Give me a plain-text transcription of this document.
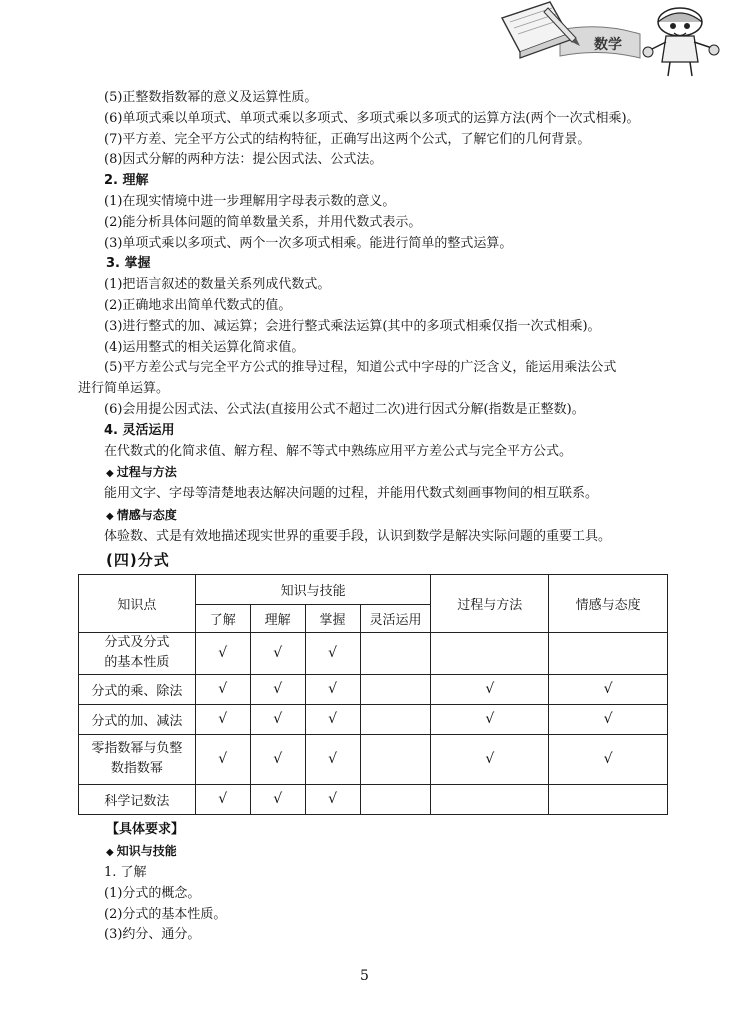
数学
(5)正整数指数幂的意义及运算性质。
(6)单项式乘以单项式、单项式乘以多项式、多项式乘以多项式的运算方法(两个一次式相乘)。
(7)平方差、完全平方公式的结构特征，正确写出这两个公式，了解它们的几何背景。
(8)因式分解的两种方法：提公因式法、公式法。
2. 理解
(1)在现实情境中进一步理解用字母表示数的意义。
(2)能分析具体问题的简单数量关系，并用代数式表示。
(3)单项式乘以多项式、两个一次多项式相乘。能进行简单的整式运算。
3. 掌握
(1)把语言叙述的数量关系列成代数式。
(2)正确地求出简单代数式的值。
(3)进行整式的加、减运算；会进行整式乘法运算(其中的多项式相乘仅指一次式相乘)。
(4)运用整式的相关运算化简求值。
(5)平方差公式与完全平方公式的推导过程，知道公式中字母的广泛含义，能运用乘法公式
进行简单运算。
(6)会用提公因式法、公式法(直接用公式不超过二次)进行因式分解(指数是正整数)。
4. 灵活运用
在代数式的化简求值、解方程、解不等式中熟练应用平方差公式与完全平方公式。
◆ 过程与方法
能用文字、字母等清楚地表达解决问题的过程，并能用代数式刻画事物间的相互联系。
◆ 情感与态度
体验数、式是有效地描述现实世界的重要手段，认识到数学是解决实际问题的重要工具。
(四)分式
知识点	知识与技能				过程与方法	情感与态度
	了解	理解	掌握	灵活运用		
分式及分式
的基本性质	√	√	√			
分式的乘、除法	√	√	√		√	√
分式的加、减法	√	√	√		√	√
零指数幂与负整
数指数幂	√	√	√		√	√
科学记数法	√	√	√			
【具体要求】
◆ 知识与技能
1. 了解
(1)分式的概念。
(2)分式的基本性质。
(3)约分、通分。
5
